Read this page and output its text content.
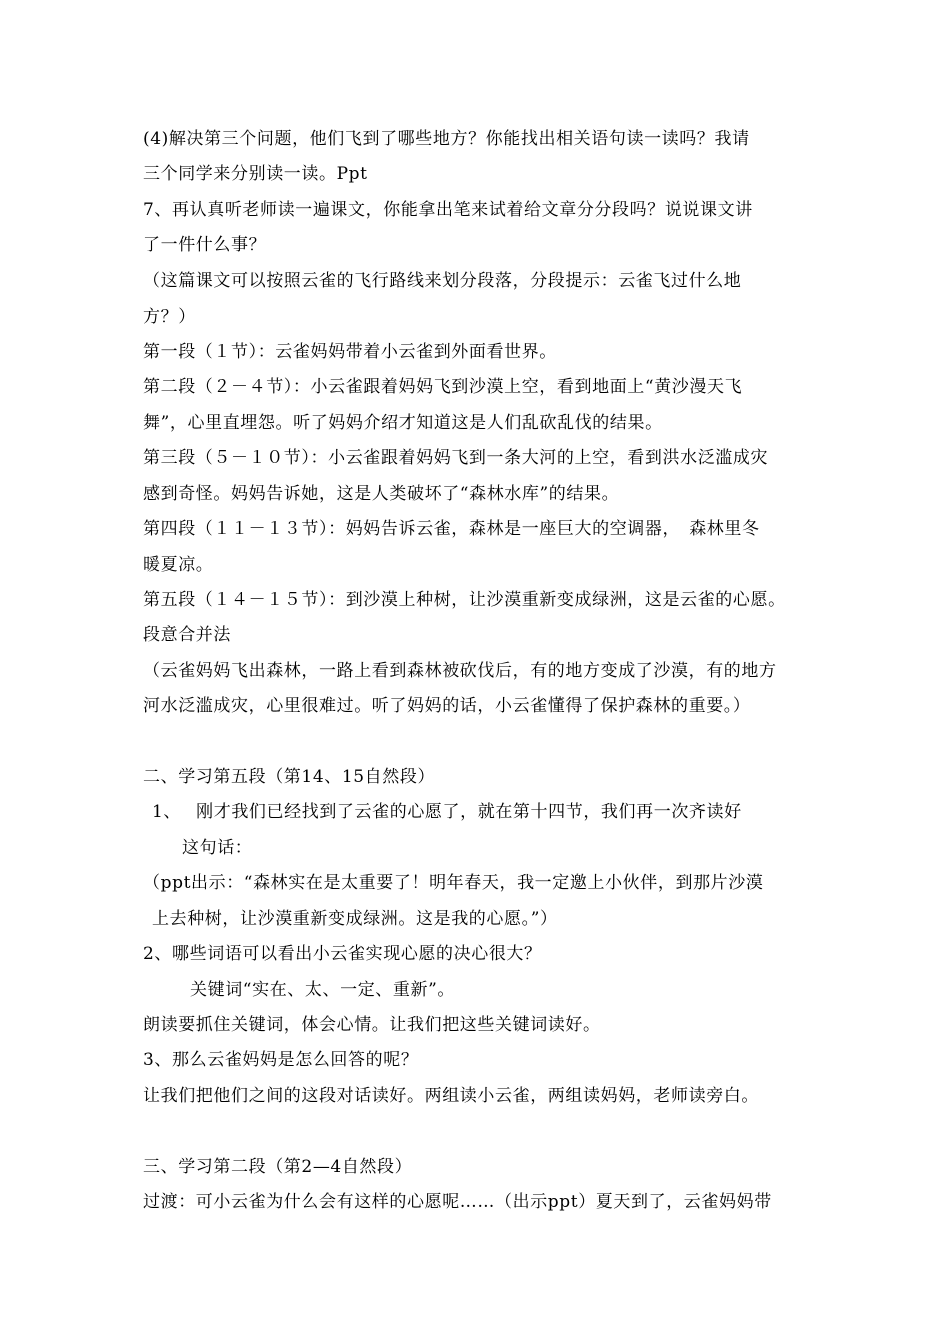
(4)解决第三个问题，他们飞到了哪些地方？你能找出相关语句读一读吗？我请
三个同学来分别读一读。Ppt
7、再认真听老师读一遍课文，你能拿出笔来试着给文章分分段吗？说说课文讲
了一件什么事？
（这篇课文可以按照云雀的飞行路线来划分段落，分段提示：云雀飞过什么地
方？）
第一段（１节）：云雀妈妈带着小云雀到外面看世界。
第二段（２－４节）：小云雀跟着妈妈飞到沙漠上空，看到地面上“黄沙漫天飞
舞”，心里直埋怨。听了妈妈介绍才知道这是人们乱砍乱伐的结果。
第三段（５－１０节）：小云雀跟着妈妈飞到一条大河的上空，看到洪水泛滥成灾
感到奇怪。妈妈告诉她，这是人类破坏了“森林水库”的结果。
第四段（１１－１３节）：妈妈告诉云雀，森林是一座巨大的空调器，　森林里冬
暖夏凉。
第五段（１４－１５节）：到沙漠上种树，让沙漠重新变成绿洲，这是云雀的心愿。
段意合并法
（云雀妈妈飞出森林，一路上看到森林被砍伐后，有的地方变成了沙漠，有的地方
河水泛滥成灾，心里很难过。听了妈妈的话，小云雀懂得了保护森林的重要。）
二、学习第五段（第14、15自然段）
1、　 刚才我们已经找到了云雀的心愿了，就在第十四节，我们再一次齐读好
这句话：
（ppt出示：“森林实在是太重要了！明年春天，我一定邀上小伙伴，到那片沙漠
上去种树，让沙漠重新变成绿洲。这是我的心愿。”）
2、哪些词语可以看出小云雀实现心愿的决心很大？
关键词“实在、太、一定、重新”。
朗读要抓住关键词，体会心情。让我们把这些关键词读好。
3、那么云雀妈妈是怎么回答的呢？
让我们把他们之间的这段对话读好。两组读小云雀，两组读妈妈，老师读旁白。
三、学习第二段（第2—4自然段）
过渡：可小云雀为什么会有这样的心愿呢……（出示ppt）夏天到了，云雀妈妈带
